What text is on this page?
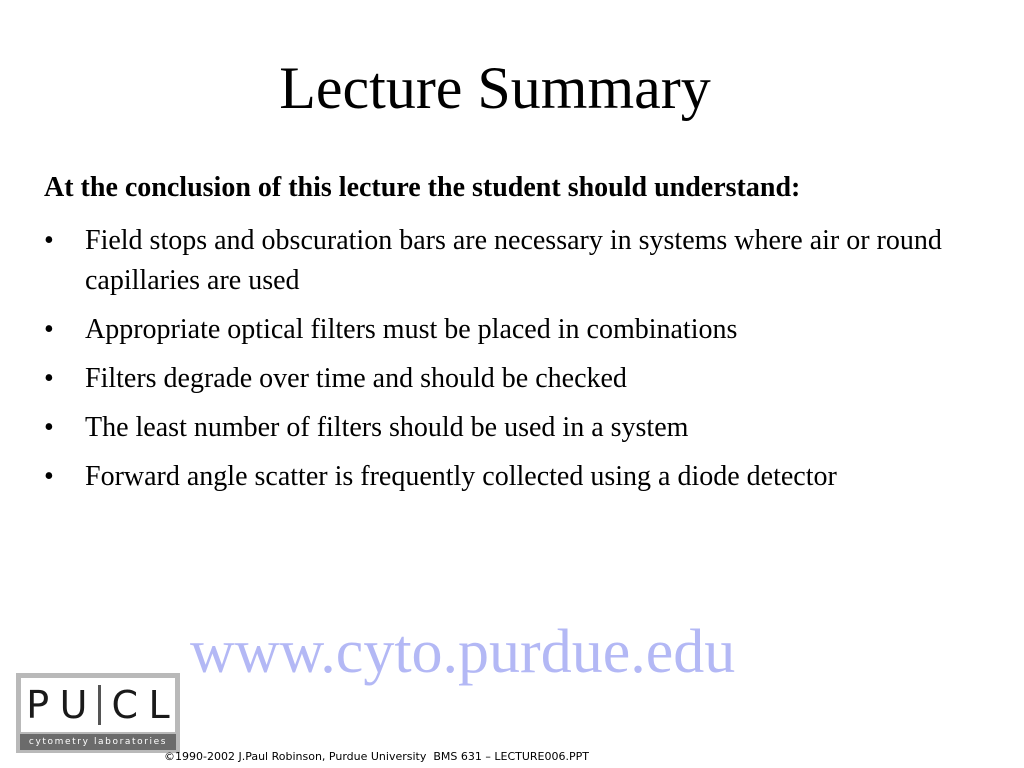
Lecture Summary
At the conclusion of this lecture the student should understand:
•	Field stops and obscuration bars are necessary in systems where air or round capillaries are used
•	Appropriate optical filters must be placed in combinations
•	Filters degrade over time and should be checked
•	The least number of filters should be used in a system
•	Forward angle scatter is frequently collected using a diode detector
www.cyto.purdue.edu
P U C L
cytometry laboratories
©1990-2002 J.Paul Robinson, Purdue University  BMS 631 – LECTURE006.PPT
